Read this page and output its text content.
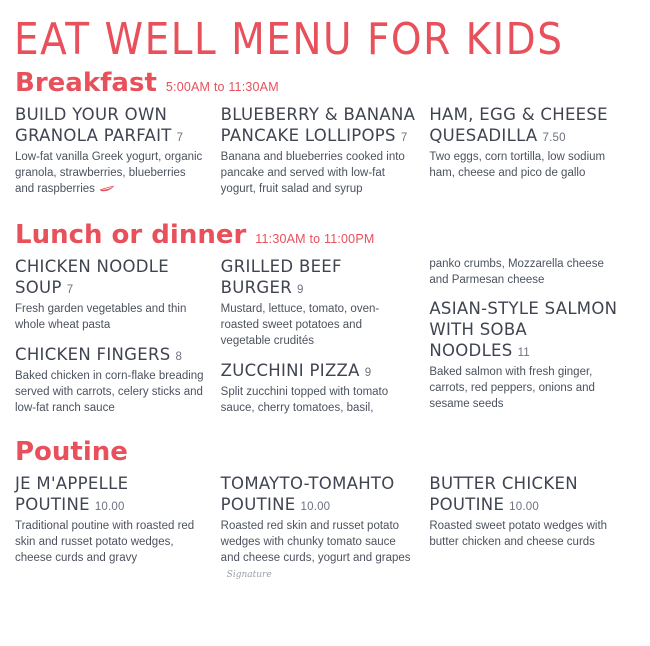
EAT WELL MENU FOR KIDS
Breakfast 5:00AM to 11:30AM
BUILD YOUR OWN GRANOLA PARFAIT 7
Low-fat vanilla Greek yogurt, organic granola, strawberries, blueberries and raspberries
BLUEBERRY & BANANA PANCAKE LOLLIPOPS 7
Banana and blueberries cooked into pancake and served with low-fat yogurt, fruit salad and syrup
HAM, EGG & CHEESE QUESADILLA 7.50
Two eggs, corn tortilla, low sodium ham, cheese and pico de gallo
Lunch or dinner 11:30AM to 11:00PM
CHICKEN NOODLE SOUP 7
Fresh garden vegetables and thin whole wheat pasta
CHICKEN FINGERS 8
Baked chicken in corn-flake breading served with carrots, celery sticks and low-fat ranch sauce
GRILLED BEEF BURGER 9
Mustard, lettuce, tomato, oven-roasted sweet potatoes and vegetable crudités
ZUCCHINI PIZZA 9
Split zucchini topped with tomato sauce, cherry tomatoes, basil,
panko crumbs, Mozzarella cheese and Parmesan cheese
ASIAN-STYLE SALMON WITH SOBA NOODLES 11
Baked salmon with fresh ginger, carrots, red peppers, onions and sesame seeds
Poutine
JE M'APPELLE POUTINE 10.00
Traditional poutine with roasted red skin and russet potato wedges, cheese curds and gravy
TOMAYTO-TOMAHTO POUTINE 10.00
Roasted red skin and russet potato wedges with chunky tomato sauce and cheese curds, yogurt and grapesSignature
BUTTER CHICKEN POUTINE 10.00
Roasted sweet potato wedges with butter chicken and cheese curds
